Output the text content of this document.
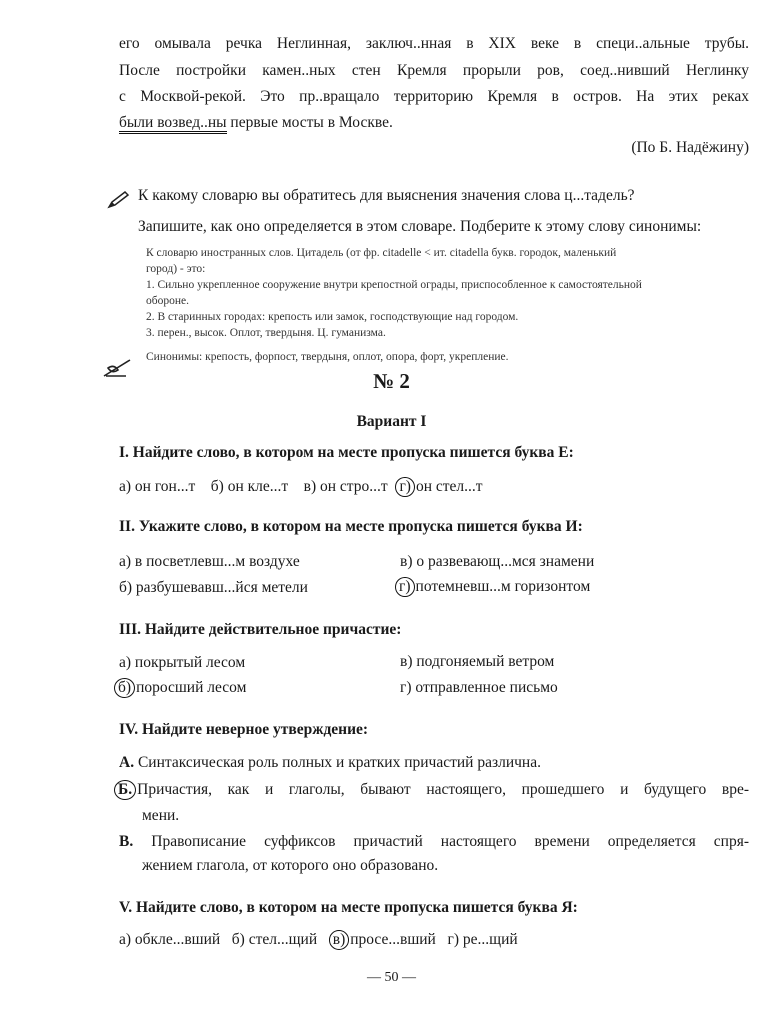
его омывала речка Неглинная, заключ..нная в XIX веке в специ..альные трубы.
После постройки камен..ных стен Кремля прорыли ров, соед..нивший Неглинку
с Москвой-рекой. Это пр..вращало территорию Кремля в остров. На этих реках
были возвед..ны первые мосты в Москве.
(По Б. Надёжину)
К какому словарю вы обратитесь для выяснения значения слова ц...тадель?
Запишите, как оно определяется в этом словаре. Подберите к этому слову синонимы:
К словарю иностранных слов. Цитадель (от фр. citadelle < ит. citadella букв. городок, маленький
город) - это:
1. Сильно укрепленное сооружение внутри крепостной ограды, приспособленное к самостоятельной
обороне.
2. В старинных городах: крепость или замок, господствующие над городом.
3. перен., высок. Оплот, твердыня. Ц. гуманизма.
Синонимы: крепость, форпост, твердыня, оплот, опора, форт, укрепление.
№ 2
Вариант I
I. Найдите слово, в котором на месте пропуска пишется буква Е:
а) он гон...т б) он кле...т в) он стро...т г) он стел...т
II. Укажите слово, в котором на месте пропуска пишется буква И:
а) в посветлевш...м воздухе
б) разбушевавш...йся метели
в) о развевающ...мся знамени
г) потемневш...м горизонтом
III. Найдите действительное причастие:
а) покрытый лесом
б) поросший лесом
в) подгоняемый ветром
г) отправленное письмо
IV. Найдите неверное утверждение:
А. Синтаксическая роль полных и кратких причастий различна.
Б. Причастия, как и глаголы, бывают настоящего, прошедшего и будущего вре-
мени.
В. Правописание суффиксов причастий настоящего времени определяется спря-
жением глагола, от которого оно образовано.
V. Найдите слово, в котором на месте пропуска пишется буква Я:
а) обкле...вший б) стел...щий в) просе...вший г) ре...щий
— 50 —
